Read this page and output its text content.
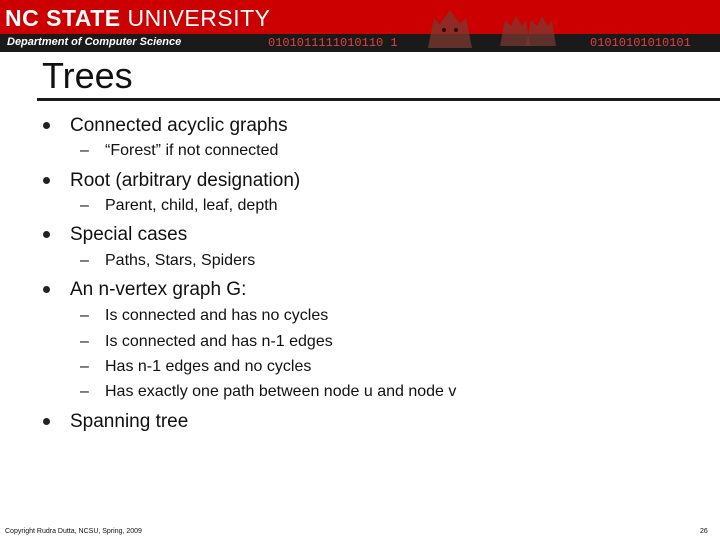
NC STATE UNIVERSITY
Department of Computer Science	0101011111010110 1	01010101010101
Trees
Connected acyclic graphs
– “Forest” if not connected
Root (arbitrary designation)
– Parent, child, leaf, depth
Special cases
– Paths, Stars, Spiders
An n-vertex graph G:
– Is connected and has no cycles
– Is connected and has n-1 edges
– Has n-1 edges and no cycles
– Has exactly one path between node u and node v
Spanning tree
Copyright Rudra Dutta, NCSU, Spring, 2009	26
